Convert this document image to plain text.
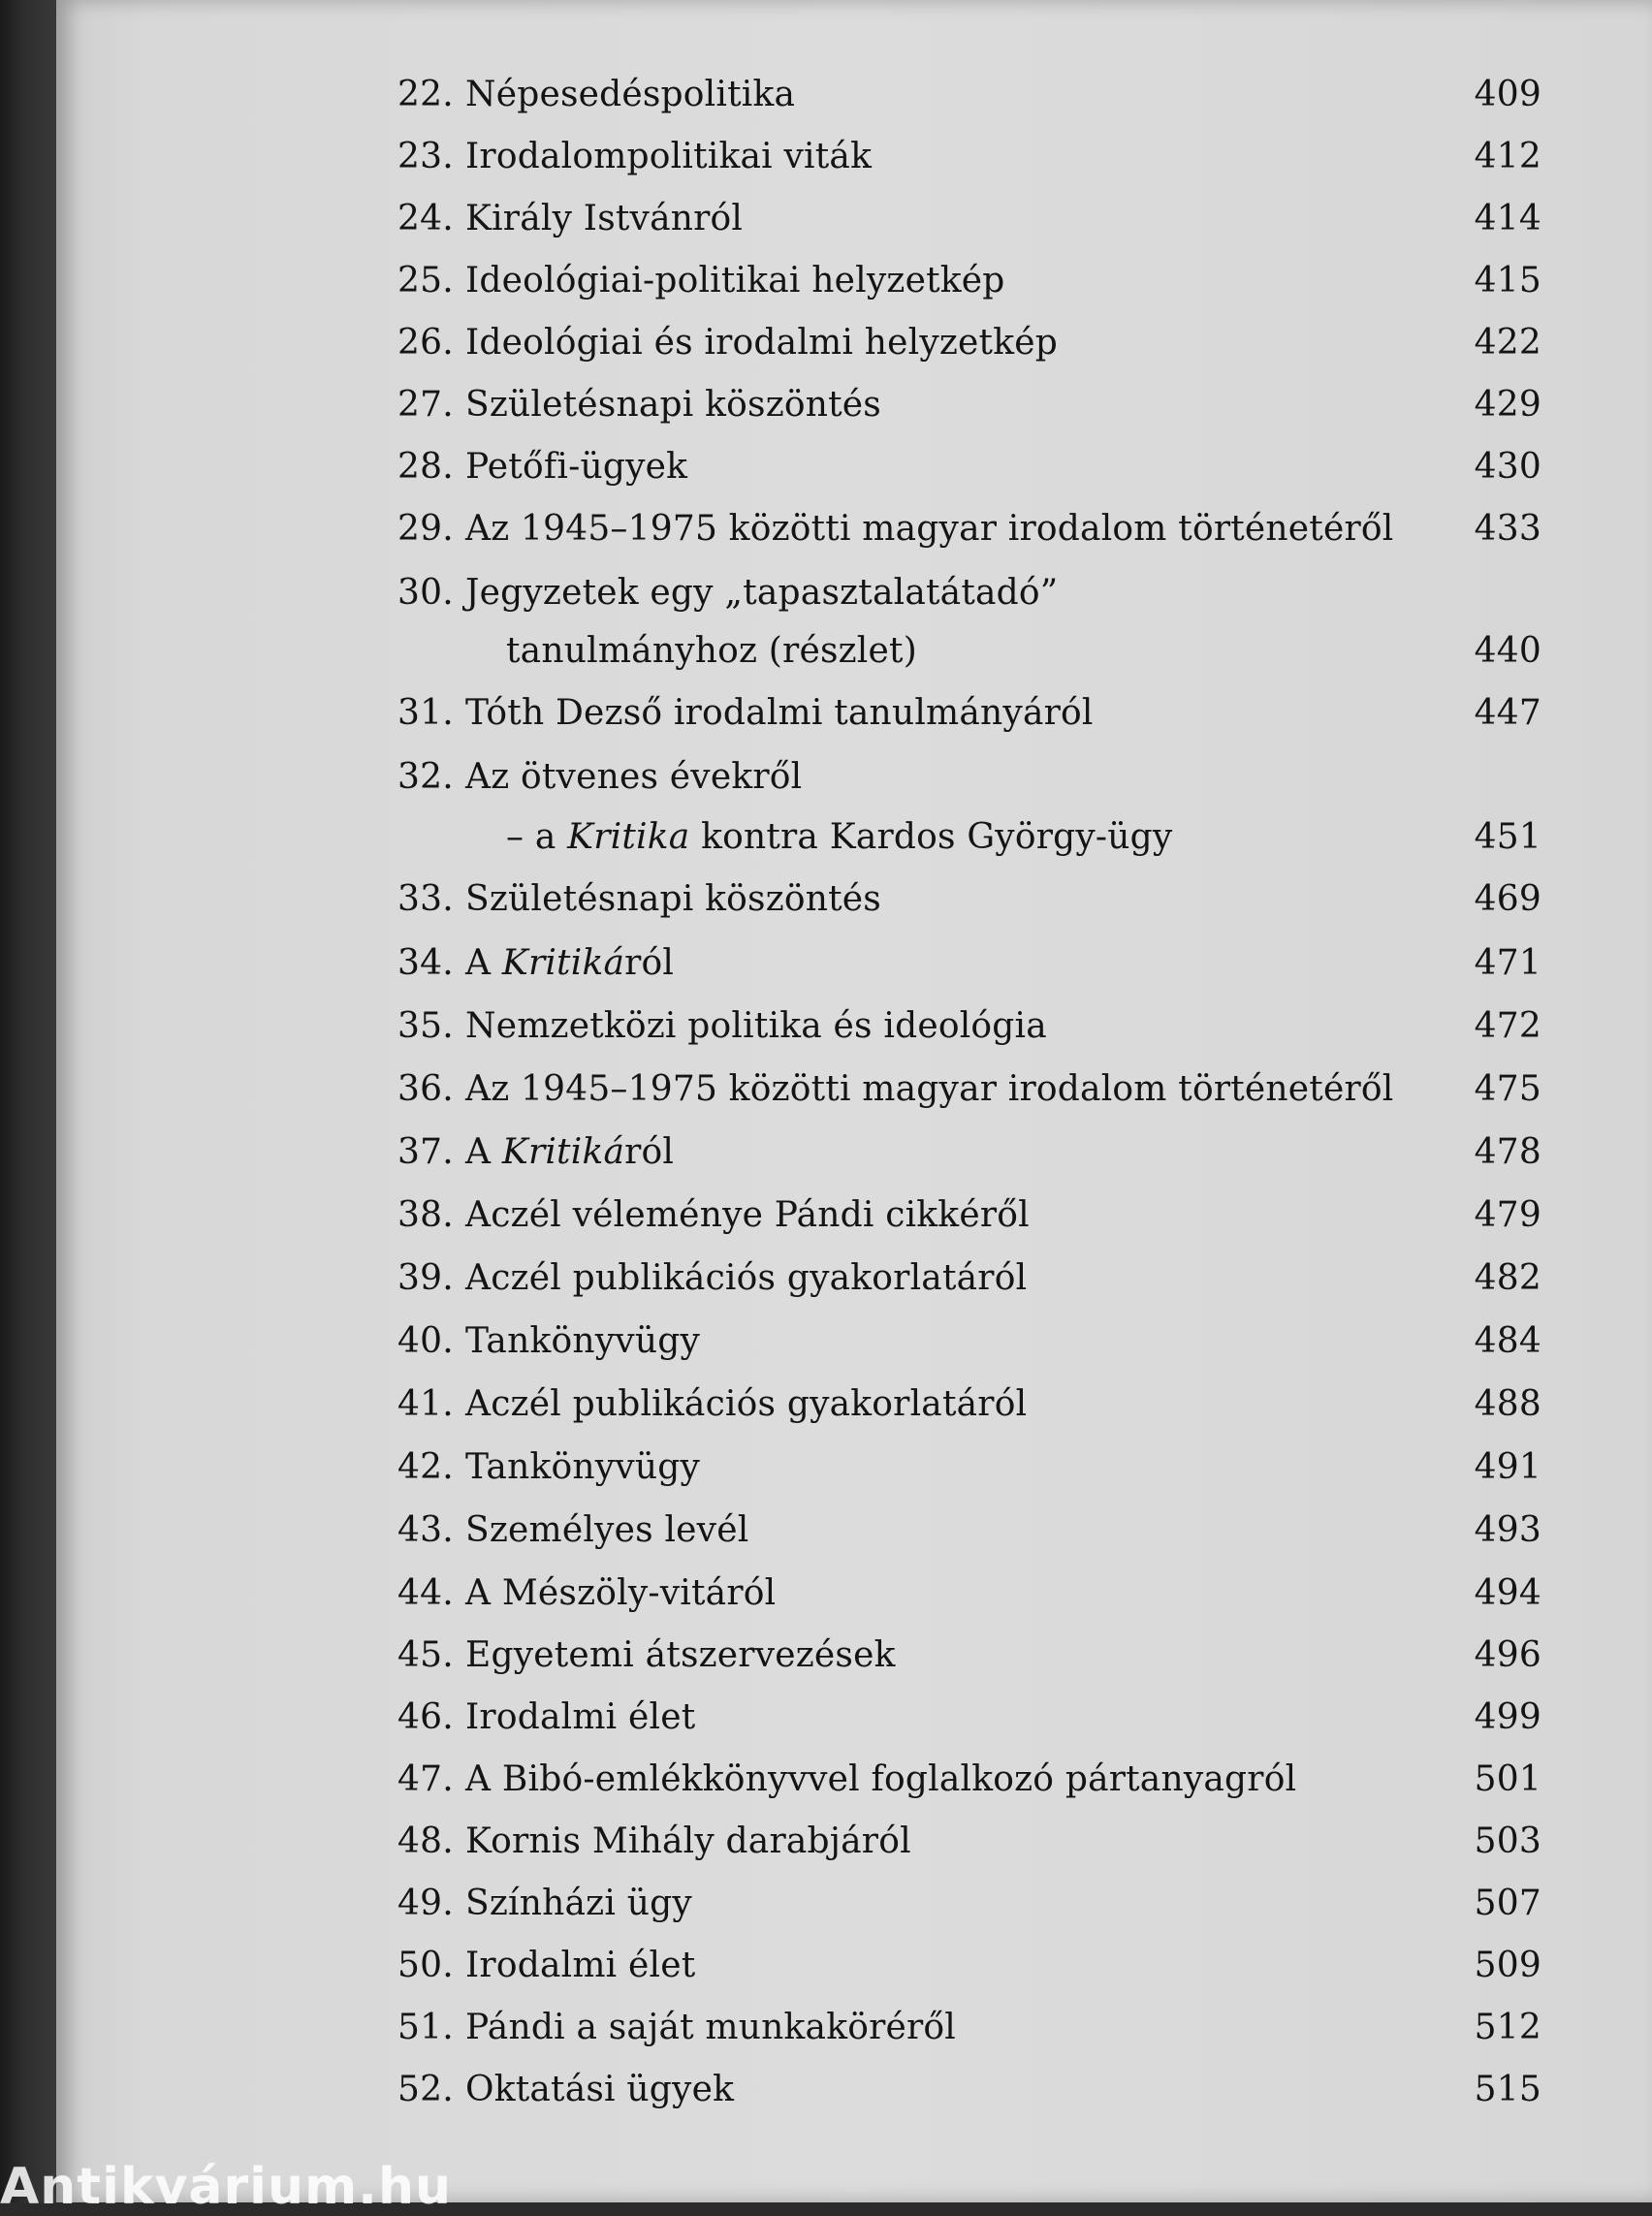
22. Népesedéspolitika	409
23. Irodalompolitikai viták	412
24. Király Istvánról	414
25. Ideológiai-politikai helyzetkép	415
26. Ideológiai és irodalmi helyzetkép	422
27. Születésnapi köszöntés	429
28. Petőfi-ügyek	430
29. Az 1945–1975 közötti magyar irodalom történetéről 433
30. Jegyzetek egy „tapasztalatátadó”
tanulmányhoz (részlet)	440
31. Tóth Dezső irodalmi tanulmányáról	447
32. Az ötvenes évekről
– a Kritika kontra Kardos György-ügy	451
33. Születésnapi köszöntés	469
34. A Kritikáról	471
35. Nemzetközi politika és ideológia	472
36. Az 1945–1975 közötti magyar irodalom történetéről 475
37. A Kritikáról	478
38. Aczél véleménye Pándi cikkéről	479
39. Aczél publikációs gyakorlatáról	482
40. Tankönyvügy	484
41. Aczél publikációs gyakorlatáról	488
42. Tankönyvügy	491
43. Személyes levél	493
44. A Mészöly-vitáról	494
45. Egyetemi átszervezések	496
46. Irodalmi élet	499
47. A Bibó-emlékkönyvvel foglalkozó pártanyagról	501
48. Kornis Mihály darabjáról	503
49. Színházi ügy	507
50. Irodalmi élet	509
51. Pándi a saját munkaköréről	512
52. Oktatási ügyek	515
Antikvárium.hu
